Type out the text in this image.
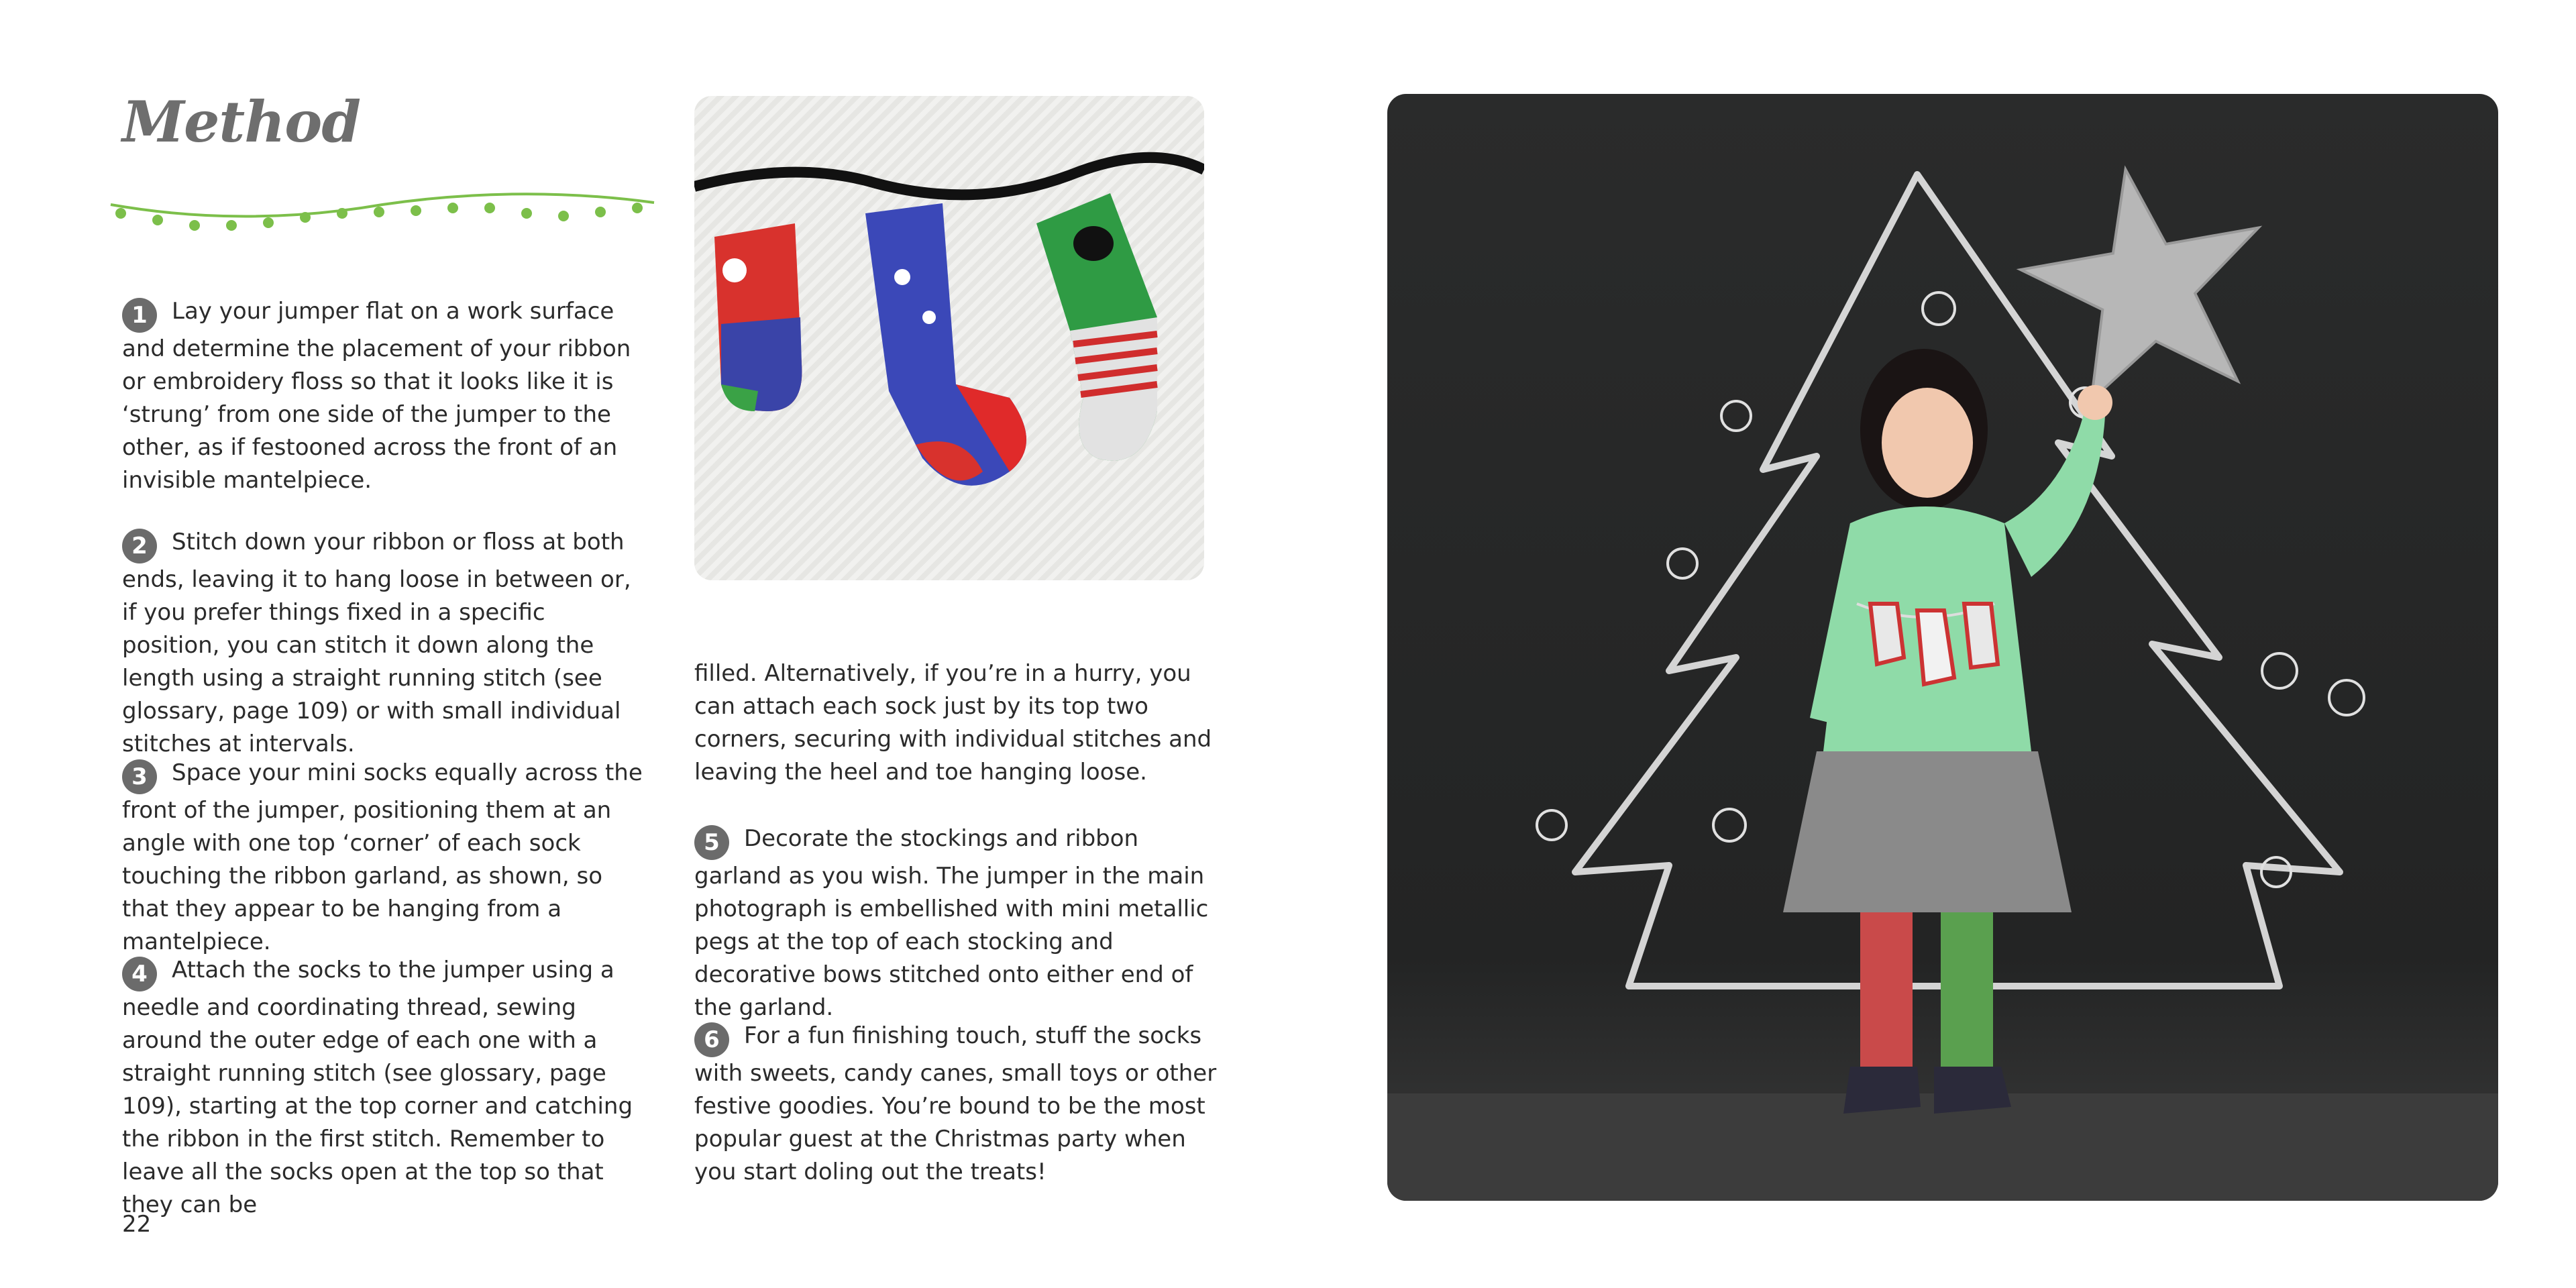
Method

1 Lay your jumper flat on a work surface and determine the placement of your ribbon or embroidery floss so that it looks like it is ‘strung’ from one side of the jumper to the other, as if festooned across the front of an invisible mantelpiece.

2 Stitch down your ribbon or floss at both ends, leaving it to hang loose in between or, if you prefer things fixed in a specific position, you can stitch it down along the length using a straight running stitch (see glossary, page 109) or with small individual stitches at intervals.

3 Space your mini socks equally across the front of the jumper, positioning them at an angle with one top ‘corner’ of each sock touching the ribbon garland, as shown, so that they appear to be hanging from a mantelpiece.

4 Attach the socks to the jumper using a needle and coordinating thread, sewing around the outer edge of each one with a straight running stitch (see glossary, page 109), starting at the top corner and catching the ribbon in the first stitch. Remember to leave all the socks open at the top so that they can be

filled. Alternatively, if you’re in a hurry, you can attach each sock just by its top two corners, securing with individual stitches and leaving the heel and toe hanging loose.

5 Decorate the stockings and ribbon garland as you wish. The jumper in the main photograph is embellished with mini metallic pegs at the top of each stocking and decorative bows stitched onto either end of the garland.

6 For a fun finishing touch, stuff the socks with sweets, candy canes, small toys or other festive goodies. You’re bound to be the most popular guest at the Christmas party when you start doling out the treats!

22
